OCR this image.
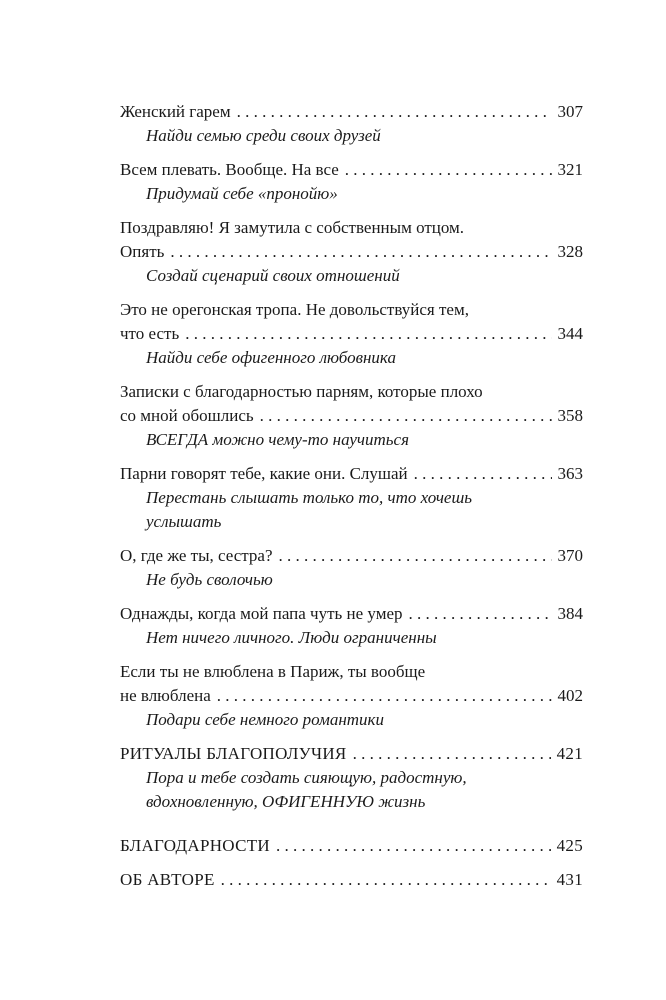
Женский гарем . . .	307
Найди семью среди своих друзей
Всем плевать. Вообще. На все . . .	321
Придумай себе «пронойю»
Поздравляю! Я замутила с собственным отцом.
Опять . . .	328
Создай сценарий своих отношений
Это не орегонская тропа. Не довольствуйся тем,
что есть . . .	344
Найди себе офигенного любовника
Записки с благодарностью парням, которые плохо
со мной обошлись . . .	358
ВСЕГДА можно чему-то научиться
Парни говорят тебе, какие они. Слушай . . .	363
Перестань слышать только то, что хочешь
услышать
О, где же ты, сестра? . . .	370
Не будь сволочью
Однажды, когда мой папа чуть не умер . . .	384
Нет ничего личного. Люди ограниченны
Если ты не влюблена в Париж, ты вообще
не влюблена . . .	402
Подари себе немного романтики
РИТУАЛЫ БЛАГОПОЛУЧИЯ . . .	421
Пора и тебе создать сияющую, радостную,
вдохновленную, ОФИГЕННУЮ жизнь
БЛАГОДАРНОСТИ . . .	425
ОБ АВТОРЕ . . .	431
